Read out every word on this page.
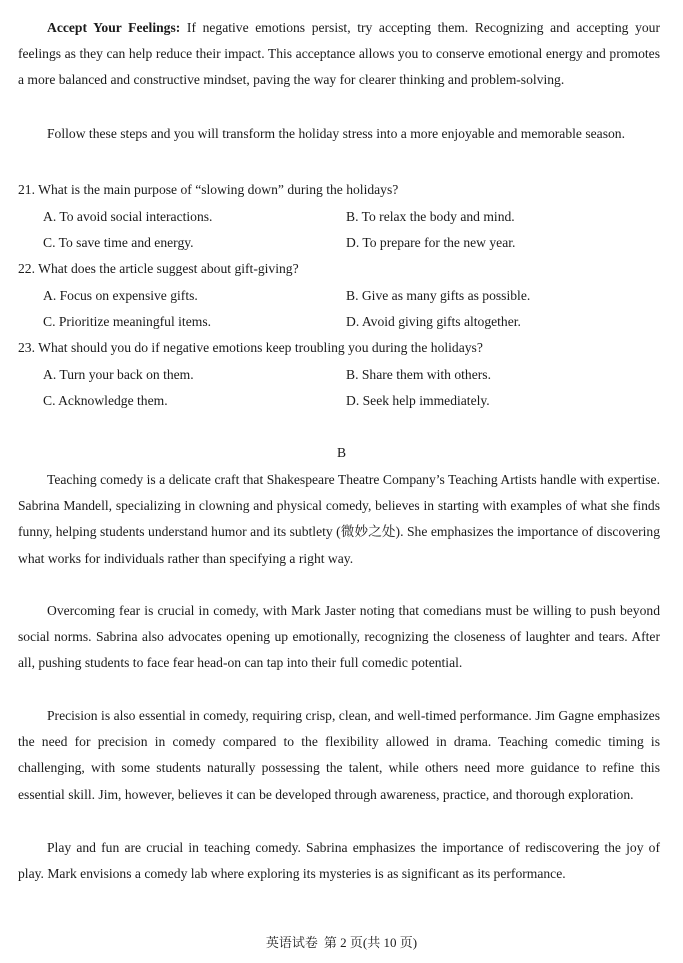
Accept Your Feelings: If negative emotions persist, try accepting them. Recognizing and accepting your feelings as they can help reduce their impact. This acceptance allows you to conserve emotional energy and promotes a more balanced and constructive mindset, paving the way for clearer thinking and problem-solving.

Follow these steps and you will transform the holiday stress into a more enjoyable and memorable season.

21. What is the main purpose of “slowing down” during the holidays?
A. To avoid social interactions.	B. To relax the body and mind.
C. To save time and energy.	D. To prepare for the new year.
22. What does the article suggest about gift-giving?
A. Focus on expensive gifts.	B. Give as many gifts as possible.
C. Prioritize meaningful items.	D. Avoid giving gifts altogether.
23. What should you do if negative emotions keep troubling you during the holidays?
A. Turn your back on them.	B. Share them with others.
C. Acknowledge them.	D. Seek help immediately.
B

Teaching comedy is a delicate craft that Shakespeare Theatre Company’s Teaching Artists handle with expertise. Sabrina Mandell, specializing in clowning and physical comedy, believes in starting with examples of what she finds funny, helping students understand humor and its subtlety (微妙之处). She emphasizes the importance of discovering what works for individuals rather than specifying a right way.

Overcoming fear is crucial in comedy, with Mark Jaster noting that comedians must be willing to push beyond social norms. Sabrina also advocates opening up emotionally, recognizing the closeness of laughter and tears. After all, pushing students to face fear head-on can tap into their full comedic potential.

Precision is also essential in comedy, requiring crisp, clean, and well-timed performance. Jim Gagne emphasizes the need for precision in comedy compared to the flexibility allowed in drama. Teaching comedic timing is challenging, with some students naturally possessing the talent, while others need more guidance to refine this essential skill. Jim, however, believes it can be developed through awareness, practice, and thorough exploration.

Play and fun are crucial in teaching comedy. Sabrina emphasizes the importance of rediscovering the joy of play. Mark envisions a comedy lab where exploring its mysteries is as significant as its performance.

英语试卷 第 2 页(共 10 页)
